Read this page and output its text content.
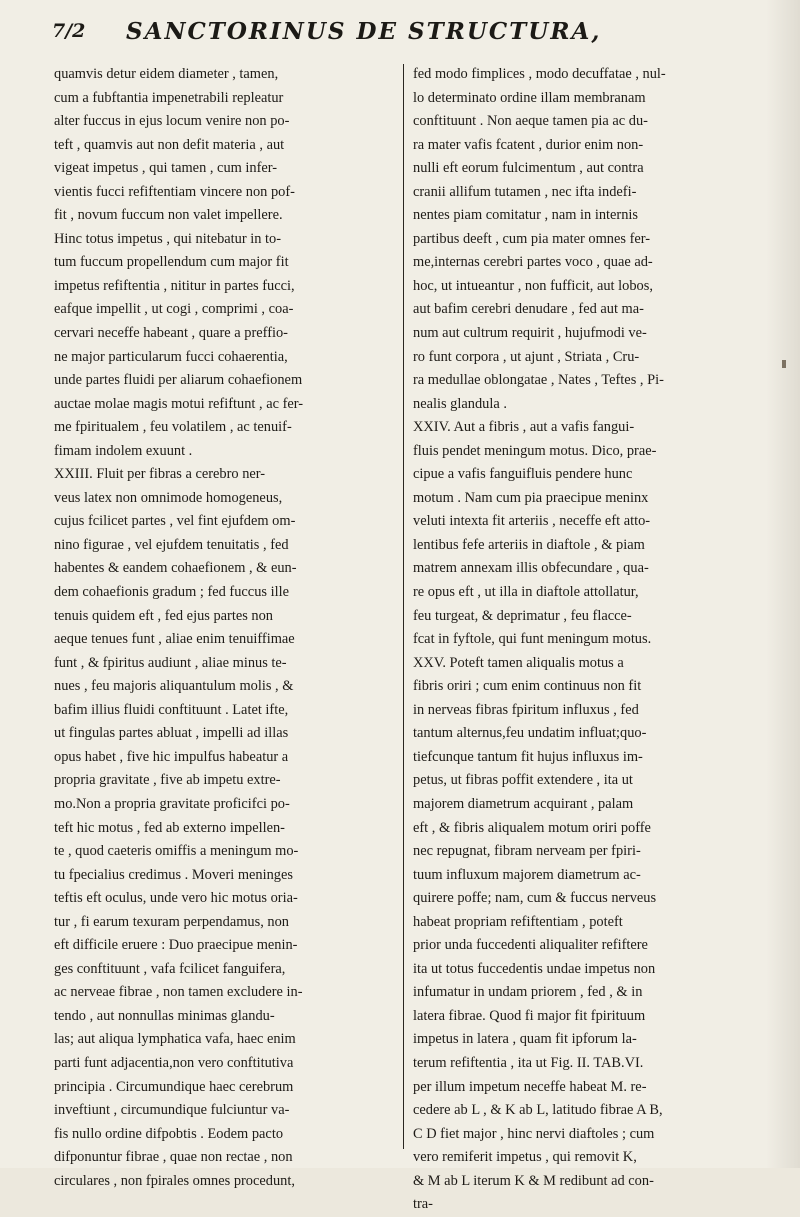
7/2 SANCTORINUS DE STRUCTURA,
quamvis detur eidem diameter , tamen,
cum a fubftantia impenetrabili repleatur
alter fuccus in ejus locum venire non po-
teft , quamvis aut non defit materia , aut
vigeat impetus , qui tamen , cum infer-
vientis fucci refiftentiam vincere non pof-
fit , novum fuccum non valet impellere.
Hinc totus impetus , qui nitebatur in to-
tum fuccum propellendum cum major fit
impetus refiftentia , nititur in partes fucci,
eafque impellit , ut cogi , comprimi , coa-
cervari neceffe habeant , quare a preffio-
ne major particularum fucci cohaerentia,
unde partes fluidi per aliarum cohaefionem
auctae molae magis motui refiftunt , ac fer-
me fpiritualem , feu volatilem , ac tenuif-
fimam indolem exuunt .
XXIII. Fluit per fibras a cerebro ner-
veus latex non omnimode homogeneus,
cujus fcilicet partes , vel fint ejufdem om-
nino figurae , vel ejufdem tenuitatis , fed
habentes & eandem cohaefionem , & eun-
dem cohaefionis gradum ; fed fuccus ille
tenuis quidem eft , fed ejus partes non
aeque tenues funt , aliae enim tenuiffimae
funt , & fpiritus audiunt , aliae minus te-
nues , feu majoris aliquantulum molis , &
bafim illius fluidi conftituunt . Latet ifte,
ut fingulas partes abluat , impelli ad illas
opus habet , five hic impulfus habeatur a
propria gravitate , five ab impetu extre-
mo.Non a propria gravitate proficifci po-
teft hic motus , fed ab externo impellen-
te , quod caeteris omiffis a meningum mo-
tu fpecialius credimus . Moveri meninges
teftis eft oculus, unde vero hic motus oria-
tur , fi earum texuram perpendamus, non
eft difficile eruere : Duo praecipue menin-
ges conftituunt , vafa fcilicet fanguifera,
ac nerveae fibrae , non tamen excludere in-
tendo , aut nonnullas minimas glandu-
las; aut aliqua lymphatica vafa, haec enim
parti funt adjacentia,non vero conftitutiva
principia . Circumundique haec cerebrum
inveftiunt , circumundique fulciuntur va-
fis nullo ordine difpobtis . Eodem pacto
difponuntur fibrae , quae non rectae , non
circulares , non fpirales omnes procedunt,
fed modo fimplices , modo decuffatae , nul-
lo determinato ordine illam membranam
conftituunt . Non aeque tamen pia ac du-
ra mater vafis fcatent , durior enim non-
nulli eft eorum fulcimentum , aut contra
cranii allifum tutamen , nec ifta indefi-
nentes piam comitatur , nam in internis
partibus deeft , cum pia mater omnes fer-
me,internas cerebri partes voco , quae ad-
hoc, ut intueantur , non fufficit, aut lobos,
aut bafim cerebri denudare , fed aut ma-
num aut cultrum requirit , hujufmodi ve-
ro funt corpora , ut ajunt , Striata , Cru-
ra medullae oblongatae , Nates , Teftes , Pi-
nealis glandula .
XXIV. Aut a fibris , aut a vafis fangui-
fluis pendet meningum motus. Dico, prae-
cipue a vafis fanguifluis pendere hunc
motum . Nam cum pia praecipue meninx
veluti intexta fit arteriis , neceffe eft atto-
lentibus fefe arteriis in diaftole , & piam
matrem annexam illis obfecundare , qua-
re opus eft , ut illa in diaftole attollatur,
feu turgeat, & deprimatur , feu flacce-
fcat in fyftole, qui funt meningum motus.
XXV. Poteft tamen aliqualis motus a
fibris oriri ; cum enim continuus non fit
in nerveas fibras fpiritum influxus , fed
tantum alternus,feu undatim influat;quo-
tiefcunque tantum fit hujus influxus im-
petus, ut fibras poffit extendere , ita ut
majorem diametrum acquirant , palam
eft , & fibris aliqualem motum oriri poffe
nec repugnat, fibram nerveam per fpiri-
tuum influxum majorem diametrum ac-
quirere poffe; nam, cum & fuccus nerveus
habeat propriam refiftentiam , poteft
prior unda fuccedenti aliqualiter refiftere
ita ut totus fuccedentis undae impetus non
infumatur in undam priorem , fed , & in
latera fibrae. Quod fi major fit fpirituum
impetus in latera , quam fit ipforum la-
terum refiftentia , ita ut Fig. II. TAB.VI.
per illum impetum neceffe habeat M. re-
cedere ab L , & K ab L, latitudo fibrae A B,
C D fiet major , hinc nervi diaftoles ; cum
vero remiferit impetus , qui removit K,
& M ab L iterum K & M redibunt ad con-
tra-
